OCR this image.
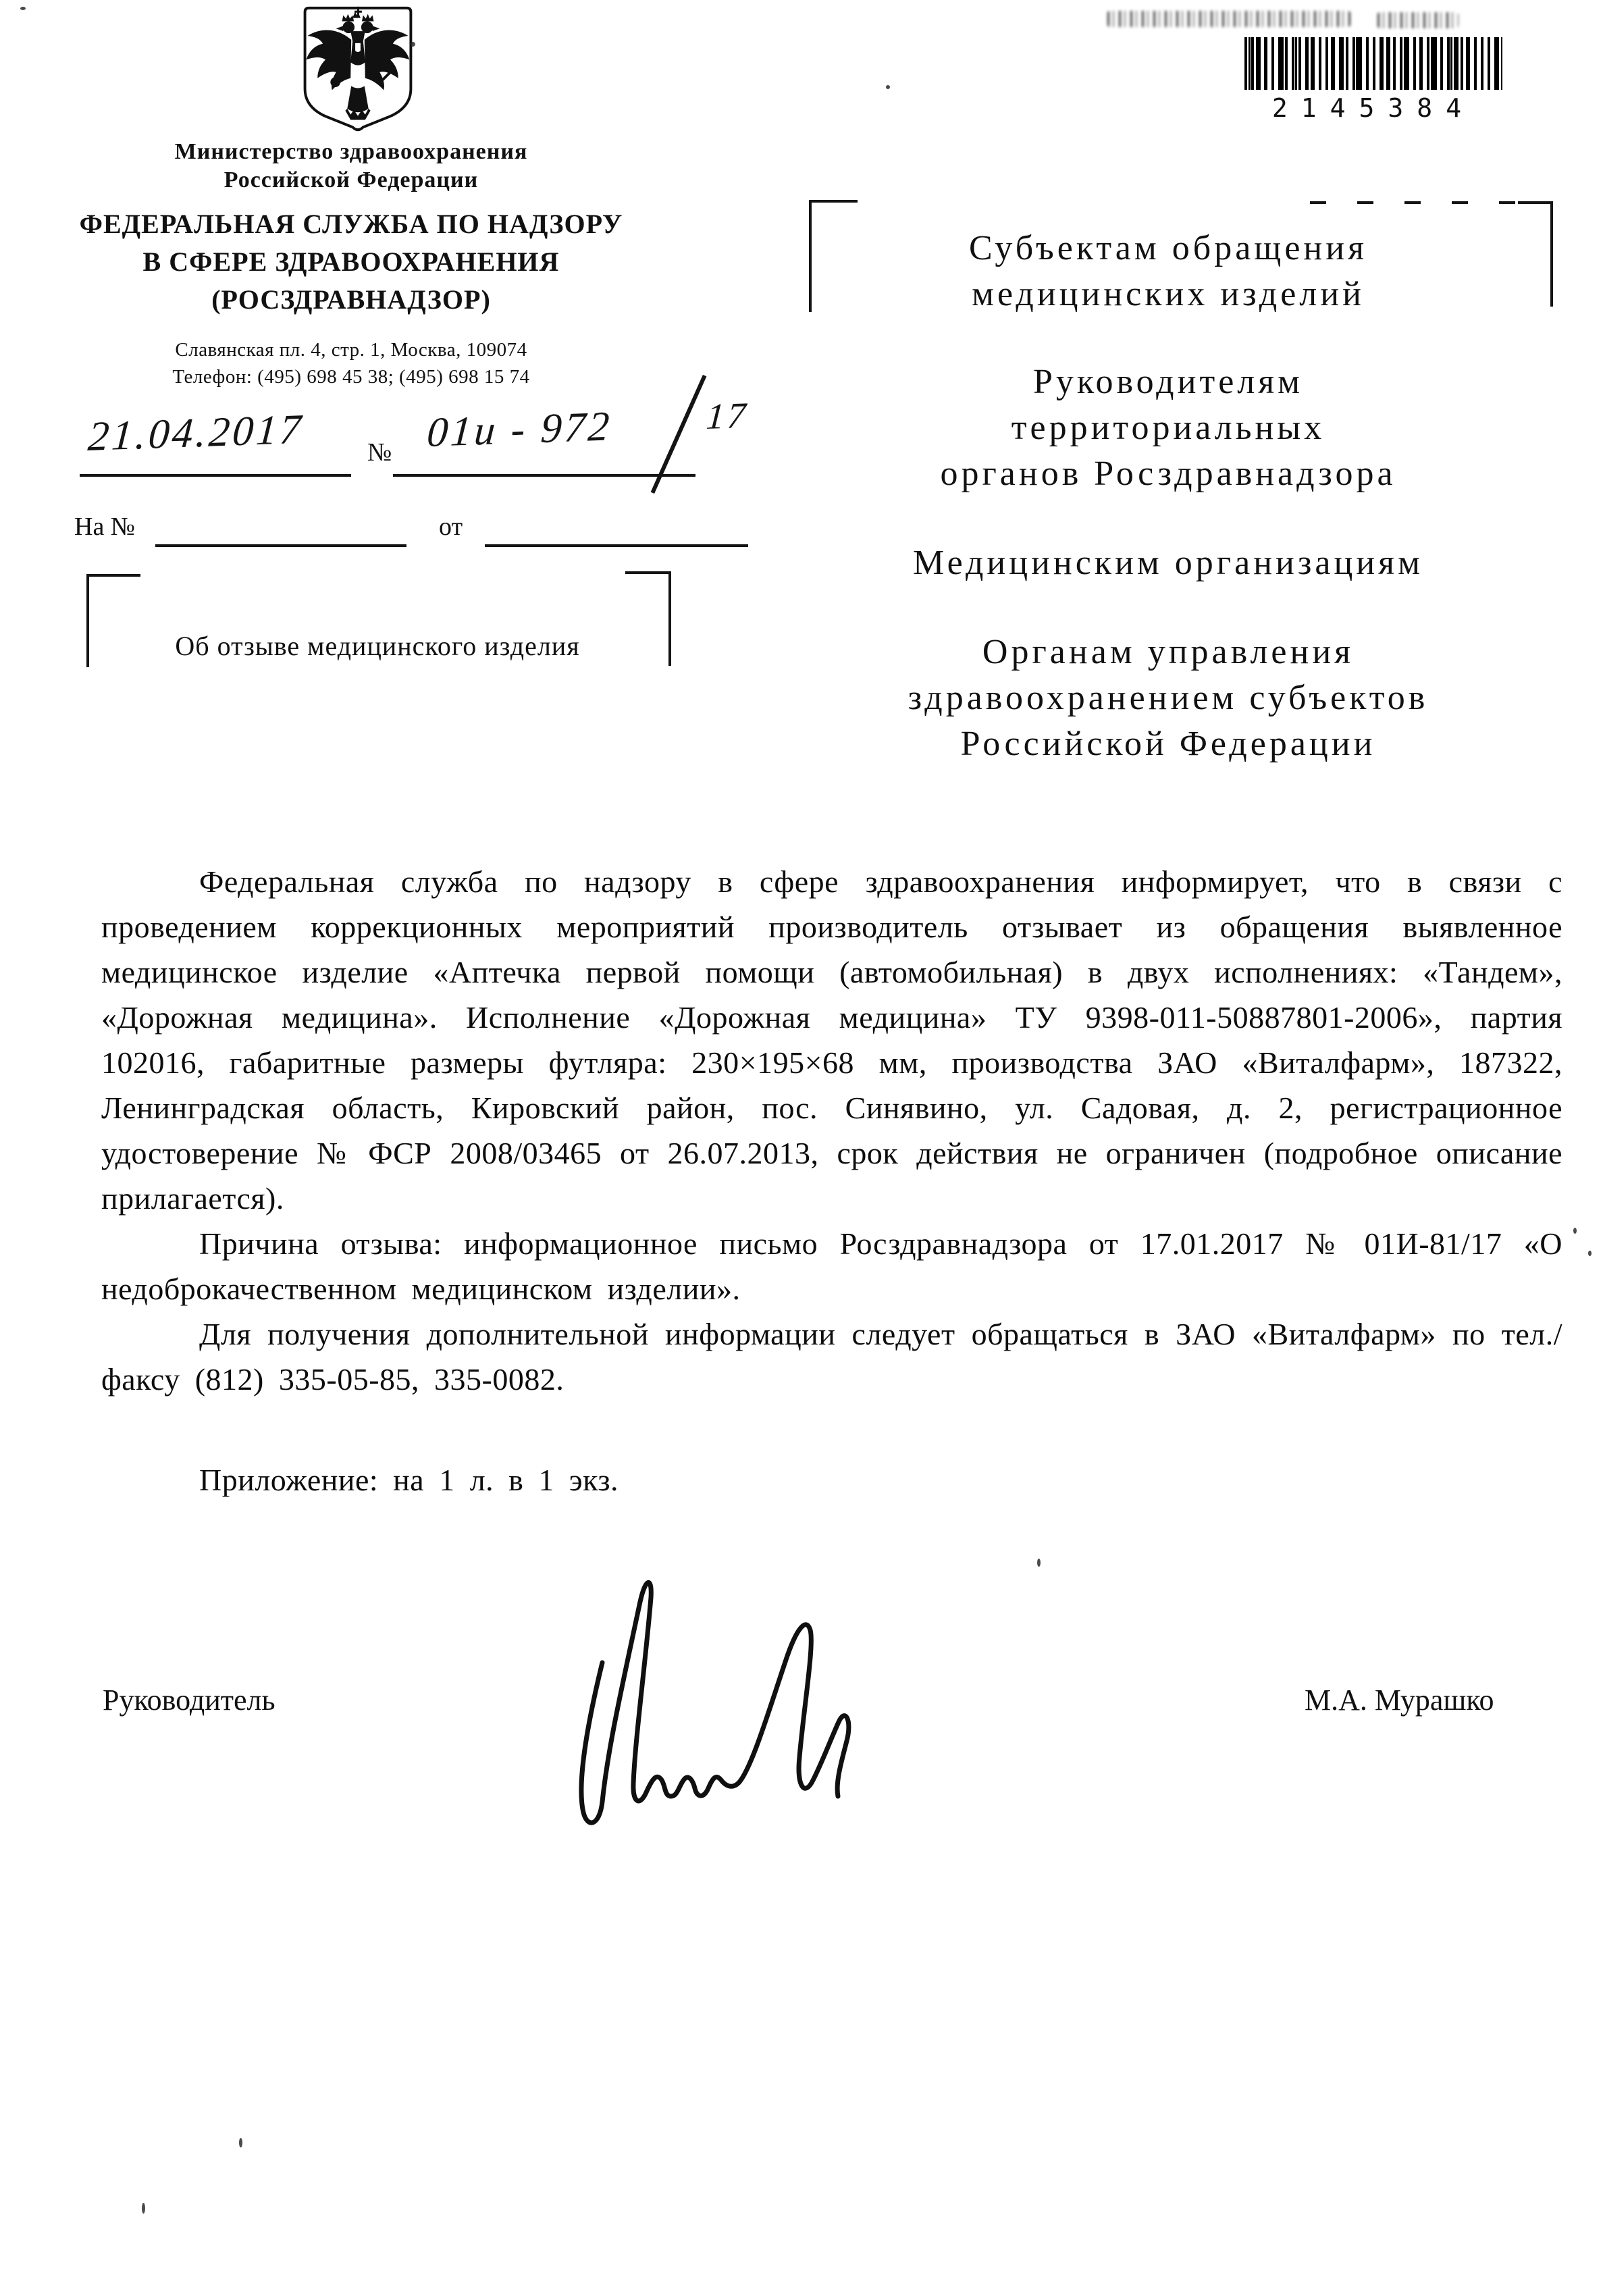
Министерство здравоохранения
Российской Федерации
ФЕДЕРАЛЬНАЯ СЛУЖБА ПО НАДЗОРУ
В СФЕРЕ ЗДРАВООХРАНЕНИЯ
(РОСЗДРАВНАДЗОР)
Славянская пл. 4, стр. 1, Москва, 109074
Телефон: (495) 698 45 38; (495) 698 15 74
21.04.2017 № 01и - 972	17
На №	от
Об отзыве медицинского изделия
2145384
Субъектам обращения
медицинских изделий
Руководителям
территориальных
органов Росздравнадзора
Медицинским организациям
Органам управления
здравоохранением субъектов
Российской Федерации

Федеральная служба по надзору в сфере здравоохранения информирует, что в связи с проведением коррекционных мероприятий производитель отзывает из обращения выявленное медицинское изделие «Аптечка первой помощи (автомобильная) в двух исполнениях: «Тандем», «Дорожная медицина». Исполнение «Дорожная медицина» ТУ 9398-011-50887801-2006», партия 102016, габаритные размеры футляра: 230×195×68 мм, производства ЗАО «Виталфарм», 187322, Ленинградская область, Кировский район, пос. Синявино, ул. Садовая, д. 2, регистрационное удостоверение № ФСР 2008/03465 от 26.07.2013, срок действия не ограничен (подробное описание прилагается).

Причина отзыва: информационное письмо Росздравнадзора от 17.01.2017 № 01И-81/17 «О недоброкачественном медицинском изделии».

Для получения дополнительной информации следует обращаться в ЗАО «Виталфарм» по тел./факсу (812) 335-05-85, 335-0082.

Приложение: на 1 л. в 1 экз.

Руководитель	М.А. Мурашко
